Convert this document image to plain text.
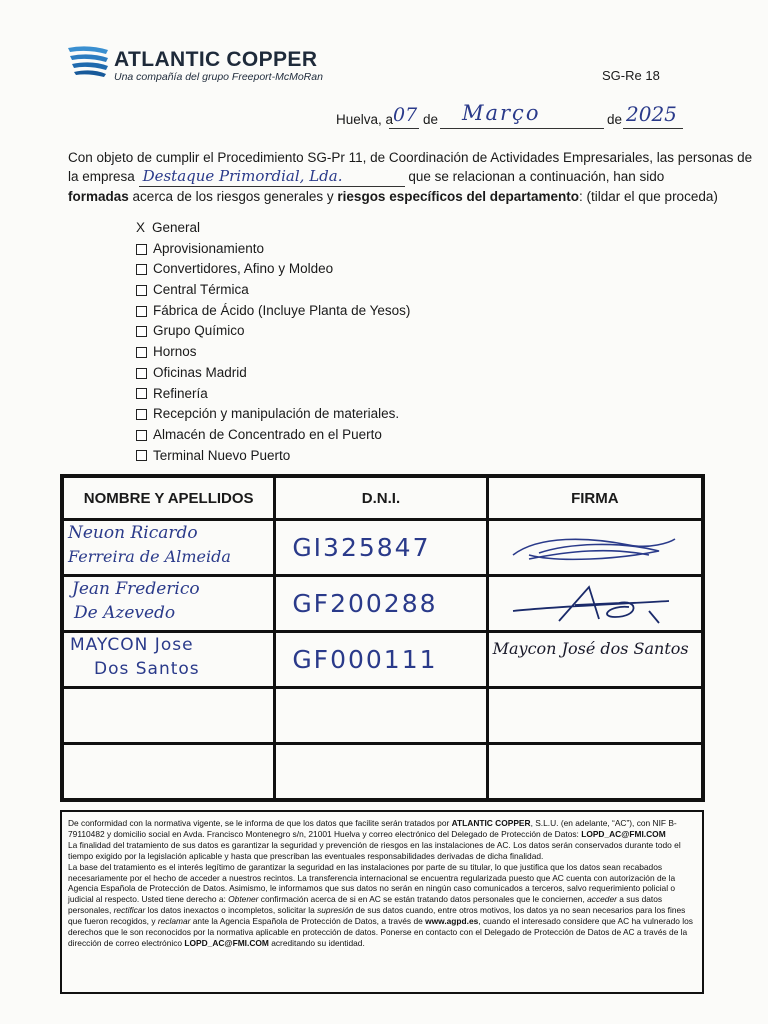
ATLANTIC COPPER
Una compañía del grupo Freeport-McMoRan	SG-Re 18
Huelva, a 07 de Março	de 2025
Con objeto de cumplir el Procedimiento SG-Pr 11, de Coordinación de Actividades Empresariales, las personas de
la empresa Destaque Primordial, Lda.	que se relacionan a continuación, han sido
formadas acerca de los riesgos generales y riesgos específicos del departamento: (tildar el que proceda)
X General
Aprovisionamiento
Convertidores, Afino y Moldeo
Central Térmica
Fábrica de Ácido (Incluye Planta de Yesos)
Grupo Químico
Hornos
Oficinas Madrid
Refinería
Recepción y manipulación de materiales.
Almacén de Concentrado en el Puerto
Terminal Nuevo Puerto
NOMBRE Y APELLIDOS	D.N.I.	FIRMA

Neuon Ricardo
Ferreira de Almeida	GI325847

Jean Frederico
De Azevedo	GF200288

MAYCON Jose
Dos Santos	GF000111	Maycon José dos Santos

De conformidad con la normativa vigente, se le informa de que los datos que facilite serán tratados por ATLANTIC COPPER, S.L.U. (en adelante, “AC”), con NIF B-79110482 y domicilio social en Avda. Francisco Montenegro s/n, 21001 Huelva y correo electrónico del Delegado de Protección de Datos: LOPD_AC@FMI.COM

La finalidad del tratamiento de sus datos es garantizar la seguridad y prevención de riesgos en las instalaciones de AC. Los datos serán conservados durante todo el tiempo exigido por la legislación aplicable y hasta que prescriban las eventuales responsabilidades derivadas de dicha finalidad.

La base del tratamiento es el interés legítimo de garantizar la seguridad en las instalaciones por parte de su titular, lo que justifica que los datos sean recabados necesariamente por el hecho de acceder a nuestros recintos. La transferencia internacional se encuentra regularizada puesto que AC cuenta con autorización de la Agencia Española de Protección de Datos. Asimismo, le informamos que sus datos no serán en ningún caso comunicados a terceros, salvo requerimiento policial o judicial al respecto. Usted tiene derecho a: Obtener confirmación acerca de si en AC se están tratando datos personales que le conciernen, acceder a sus datos personales, rectificar los datos inexactos o incompletos, solicitar la supresión de sus datos cuando, entre otros motivos, los datos ya no sean necesarios para los fines que fueron recogidos, y reclamar ante la Agencia Española de Protección de Datos, a través de www.agpd.es, cuando el interesado considere que AC ha vulnerado los derechos que le son reconocidos por la normativa aplicable en protección de datos. Ponerse en contacto con el Delegado de Protección de Datos de AC a través de la dirección de correo electrónico LOPD_AC@FMI.COM acreditando su identidad.
